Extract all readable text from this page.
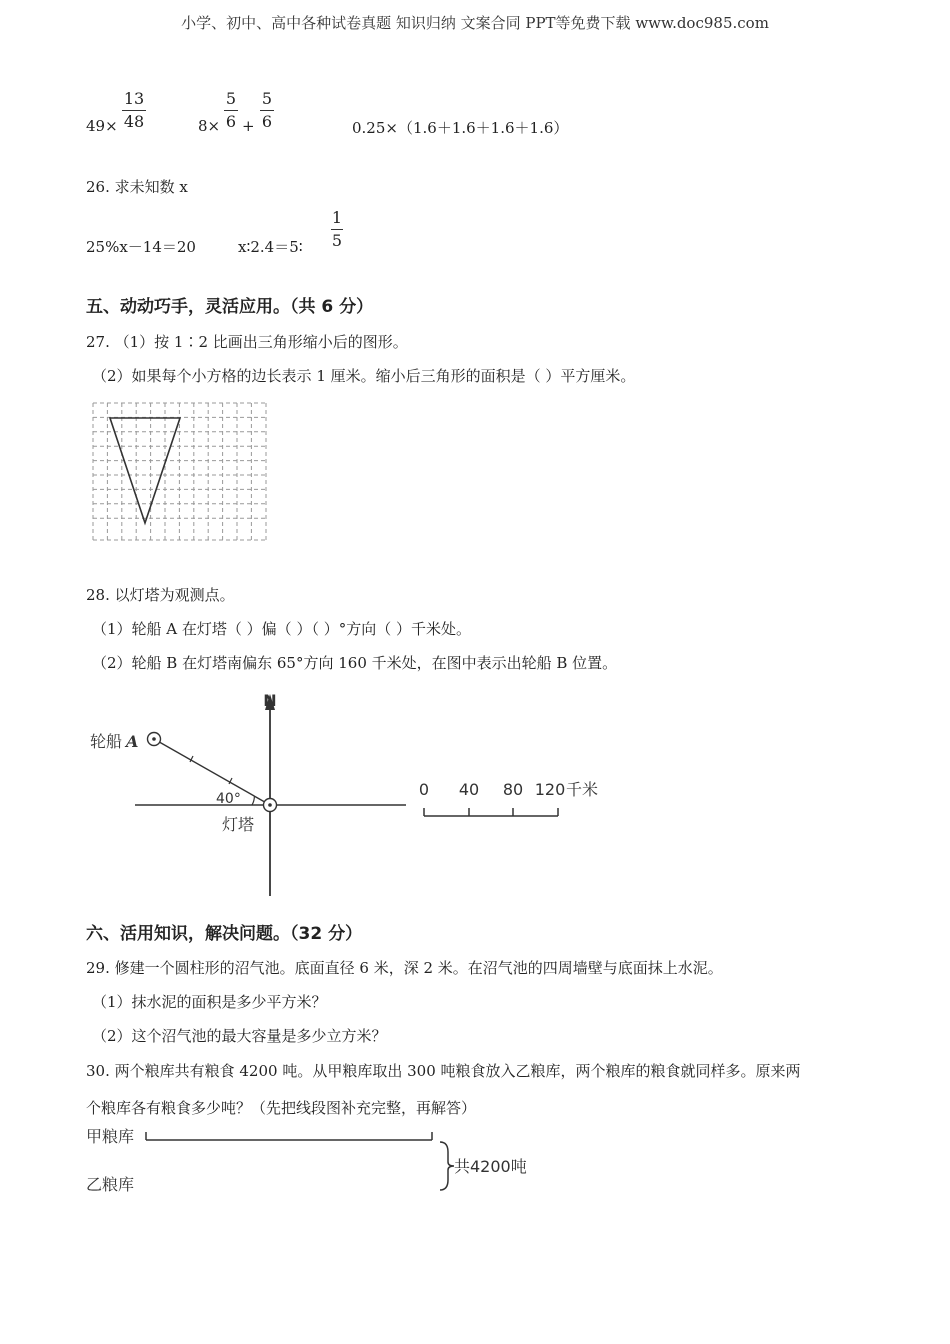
小学、初中、高中各种试卷真题 知识归纳 文案合同 PPT等免费下载 www.doc985.com
49×
13
48	8×
5
6 +
5
6	0.25×（1.6＋1.6＋1.6＋1.6）
26. 求未知数 x
25%x－14＝20	x∶2.4＝5∶
1
5
五、动动巧手，灵活应用。（共 6 分）
27. （1）按 1∶2 比画出三角形缩小后的图形。
（2）如果每个小方格的边长表示 1 厘米。缩小后三角形的面积是（ ）平方厘米。
28. 以灯塔为观测点。
（1）轮船 A 在灯塔（ ）偏（ ）（ ）°方向（ ）千米处。
（2）轮船 B 在灯塔南偏东 65°方向 160 千米处，在图中表示出轮船 B 位置。
N
轮船 A
40°
灯塔
0 40 80 120 千米
六、活用知识，解决问题。（32 分）
29. 修建一个圆柱形的沼气池。底面直径 6 米，深 2 米。在沼气池的四周墙壁与底面抹上水泥。
（1）抹水泥的面积是多少平方米？
（2）这个沼气池的最大容量是多少立方米？
30. 两个粮库共有粮食 4200 吨。从甲粮库取出 300 吨粮食放入乙粮库，两个粮库的粮食就同样多。原来两
个粮库各有粮食多少吨？（先把线段图补充完整，再解答）
甲粮库
乙粮库
共4200吨
